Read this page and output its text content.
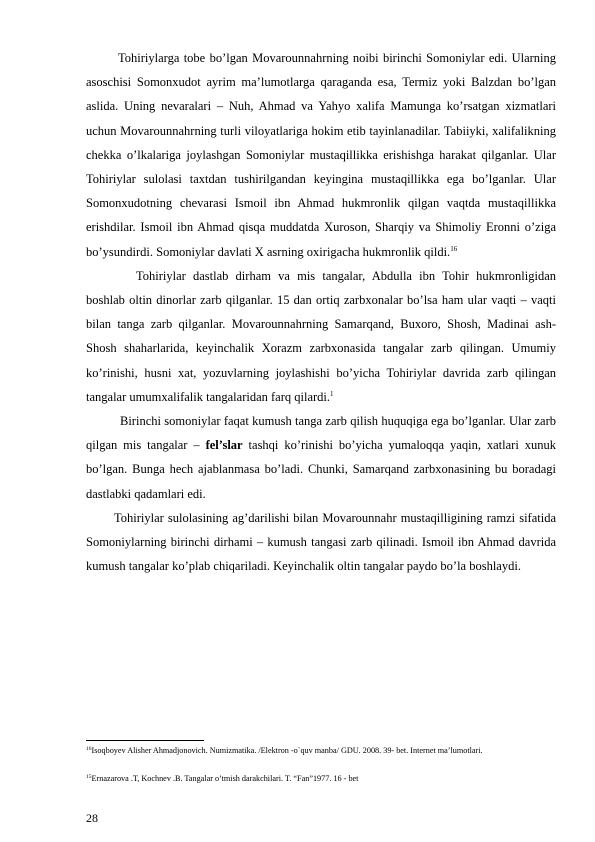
Tohiriylarga tobe bo’lgan Movarounnahrning noibi birinchi Somoniylar edi. Ularning asoschisi Somonxudot ayrim ma’lumotlarga qaraganda esa, Termiz yoki Balzdan bo’lgan aslida. Uning nevaralari – Nuh, Ahmad va Yahyo xalifa Mamunga ko’rsatgan xizmatlari uchun Movarounnahrning turli viloyatlariga hokim etib tayinlanadilar. Tabiiyki, xalifalikning chekka o’lkalariga joylashgan Somoniylar mustaqillikka erishishga harakat qilganlar. Ular Tohiriylar sulolasi taxtdan tushirilgandan keyingina mustaqillikka ega bo’lganlar. Ular Somonxudotning chevarasi Ismoil ibn Ahmad hukmronlik qilgan vaqtda mustaqillikka erishdilar. Ismoil ibn Ahmad qisqa muddatda Xuroson, Sharqiy va Shimoliy Eronni o’ziga bo’ysundirdi. Somoniylar davlati X asrning oxirigacha hukmronlik qildi.$^{16}$

Tohiriylar dastlab dirham va mis tangalar, Abdulla ibn Tohir hukmronligidan boshlab oltin dinorlar zarb qilganlar. 15 dan ortiq zarbxonalar bo’lsa ham ular vaqti – vaqti bilan tanga zarb qilganlar. Movarounnahrning Samarqand, Buxoro, Shosh, Madinai ash-Shosh shaharlarida, keyinchalik Xorazm zarbxonasida tangalar zarb qilingan. Umumiy ko’rinishi, husni xat, yozuvlarning joylashishi bo’yicha Tohiriylar davrida zarb qilingan tangalar umumxalifalik tangalaridan farq qilardi.$^1$

Birinchi somoniylar faqat kumush tanga zarb qilish huquqiga ega bo’lganlar. Ular zarb qilgan mis tangalar – fel’slar tashqi ko’rinishi bo’yicha yumaloqqa yaqin, xatlari xunuk bo’lgan. Bunga hech ajablanmasa bo’ladi. Chunki, Samarqand zarbxonasining bu boradagi dastlabki qadamlari edi.

Tohiriylar sulolasining ag’darilishi bilan Movarounnahr mustaqilligining ramzi sifatida Somoniylarning birinchi dirhami – kumush tangasi zarb qilinadi. Ismoil ibn Ahmad davrida kumush tangalar ko’plab chiqariladi. Keyinchalik oltin tangalar paydo bo’la boshlaydi.

$^{16}$Isoqboyev Alisher Ahmadjonovich. Numizmatika. /Elektron -o`quv manba/ GDU. 2008. 39- bet. Internet ma’lumotlari.

$^{15}$Ernazarova .T, Kochnev .B. Tangalar o’tmish darakchilari. T. “Fan”1977. 16 - bet

28
